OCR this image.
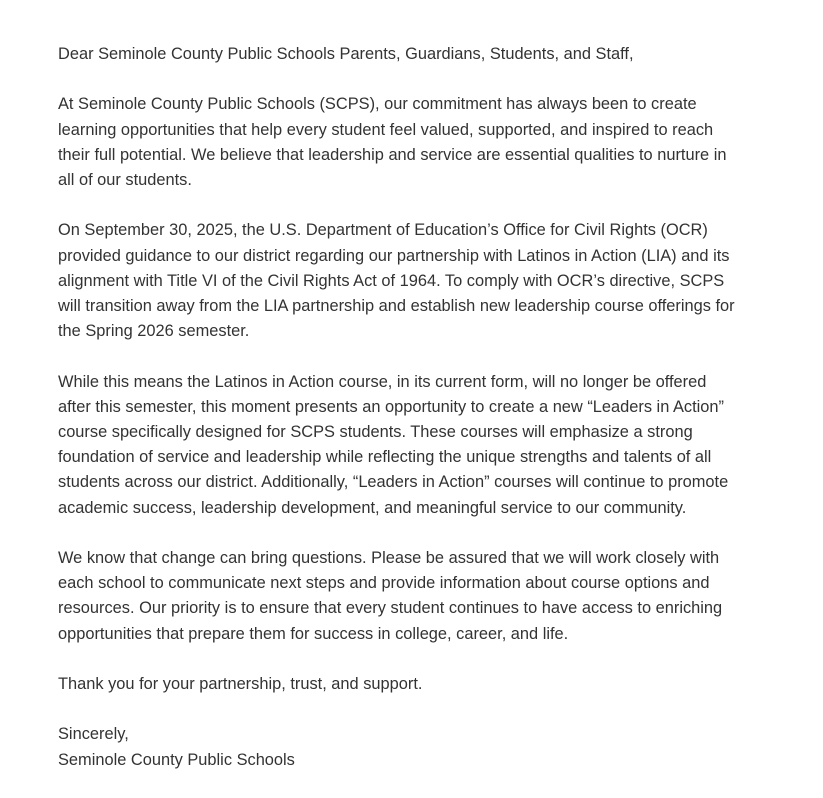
Dear Seminole County Public Schools Parents, Guardians, Students, and Staff,

At Seminole County Public Schools (SCPS), our commitment has always been to create
learning opportunities that help every student feel valued, supported, and inspired to reach
their full potential. We believe that leadership and service are essential qualities to nurture in
all of our students.

On September 30, 2025, the U.S. Department of Education’s Office for Civil Rights (OCR)
provided guidance to our district regarding our partnership with Latinos in Action (LIA) and its
alignment with Title VI of the Civil Rights Act of 1964. To comply with OCR’s directive, SCPS
will transition away from the LIA partnership and establish new leadership course offerings for
the Spring 2026 semester.

While this means the Latinos in Action course, in its current form, will no longer be offered
after this semester, this moment presents an opportunity to create a new “Leaders in Action”
course specifically designed for SCPS students. These courses will emphasize a strong
foundation of service and leadership while reflecting the unique strengths and talents of all
students across our district. Additionally, “Leaders in Action” courses will continue to promote
academic success, leadership development, and meaningful service to our community.

We know that change can bring questions. Please be assured that we will work closely with
each school to communicate next steps and provide information about course options and
resources. Our priority is to ensure that every student continues to have access to enriching
opportunities that prepare them for success in college, career, and life.

Thank you for your partnership, trust, and support.

Sincerely,
Seminole County Public Schools
